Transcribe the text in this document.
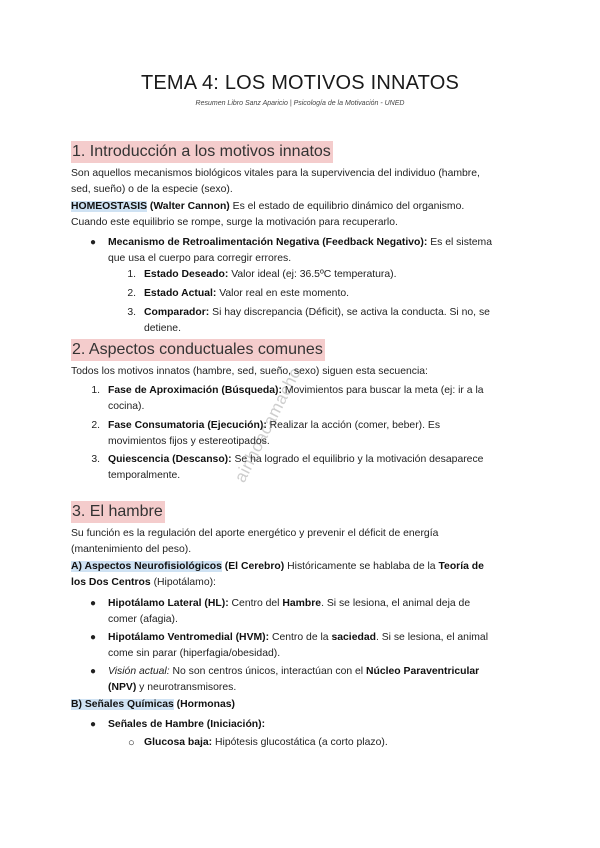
TEMA 4: LOS MOTIVOS INNATOS
Resumen Libro Sanz Aparicio | Psicología de la Motivación - UNED
ainhoacamacho
1. Introducción a los motivos innatos
Son aquellos mecanismos biológicos vitales para la supervivencia del individuo (hambre,
sed, sueño) o de la especie (sexo).
HOMEOSTASIS (Walter Cannon) Es el estado de equilibrio dinámico del organismo.
Cuando este equilibrio se rompe, surge la motivación para recuperarlo.
● Mecanismo de Retroalimentación Negativa (Feedback Negativo): Es el sistema
que usa el cuerpo para corregir errores.
1. Estado Deseado: Valor ideal (ej: 36.5ºC temperatura).
2. Estado Actual: Valor real en este momento.
3. Comparador: Si hay discrepancia (Déficit), se activa la conducta. Si no, se
detiene.
2. Aspectos conductuales comunes
Todos los motivos innatos (hambre, sed, sueño, sexo) siguen esta secuencia:
1. Fase de Aproximación (Búsqueda): Movimientos para buscar la meta (ej: ir a la
cocina).
2. Fase Consumatoria (Ejecución): Realizar la acción (comer, beber). Es
movimientos fijos y estereotipados.
3. Quiescencia (Descanso): Se ha logrado el equilibrio y la motivación desaparece
temporalmente.
3. El hambre
Su función es la regulación del aporte energético y prevenir el déficit de energía
(mantenimiento del peso).
A) Aspectos Neurofisiológicos (El Cerebro) Históricamente se hablaba de la Teoría de
los Dos Centros (Hipotálamo):
● Hipotálamo Lateral (HL): Centro del Hambre. Si se lesiona, el animal deja de
comer (afagia).
● Hipotálamo Ventromedial (HVM): Centro de la saciedad. Si se lesiona, el animal
come sin parar (hiperfagia/obesidad).
● Visión actual: No son centros únicos, interactúan con el Núcleo Paraventricular
(NPV) y neurotransmisores.
B) Señales Químicas (Hormonas)
● Señales de Hambre (Iniciación):
○ Glucosa baja: Hipótesis glucostática (a corto plazo).
